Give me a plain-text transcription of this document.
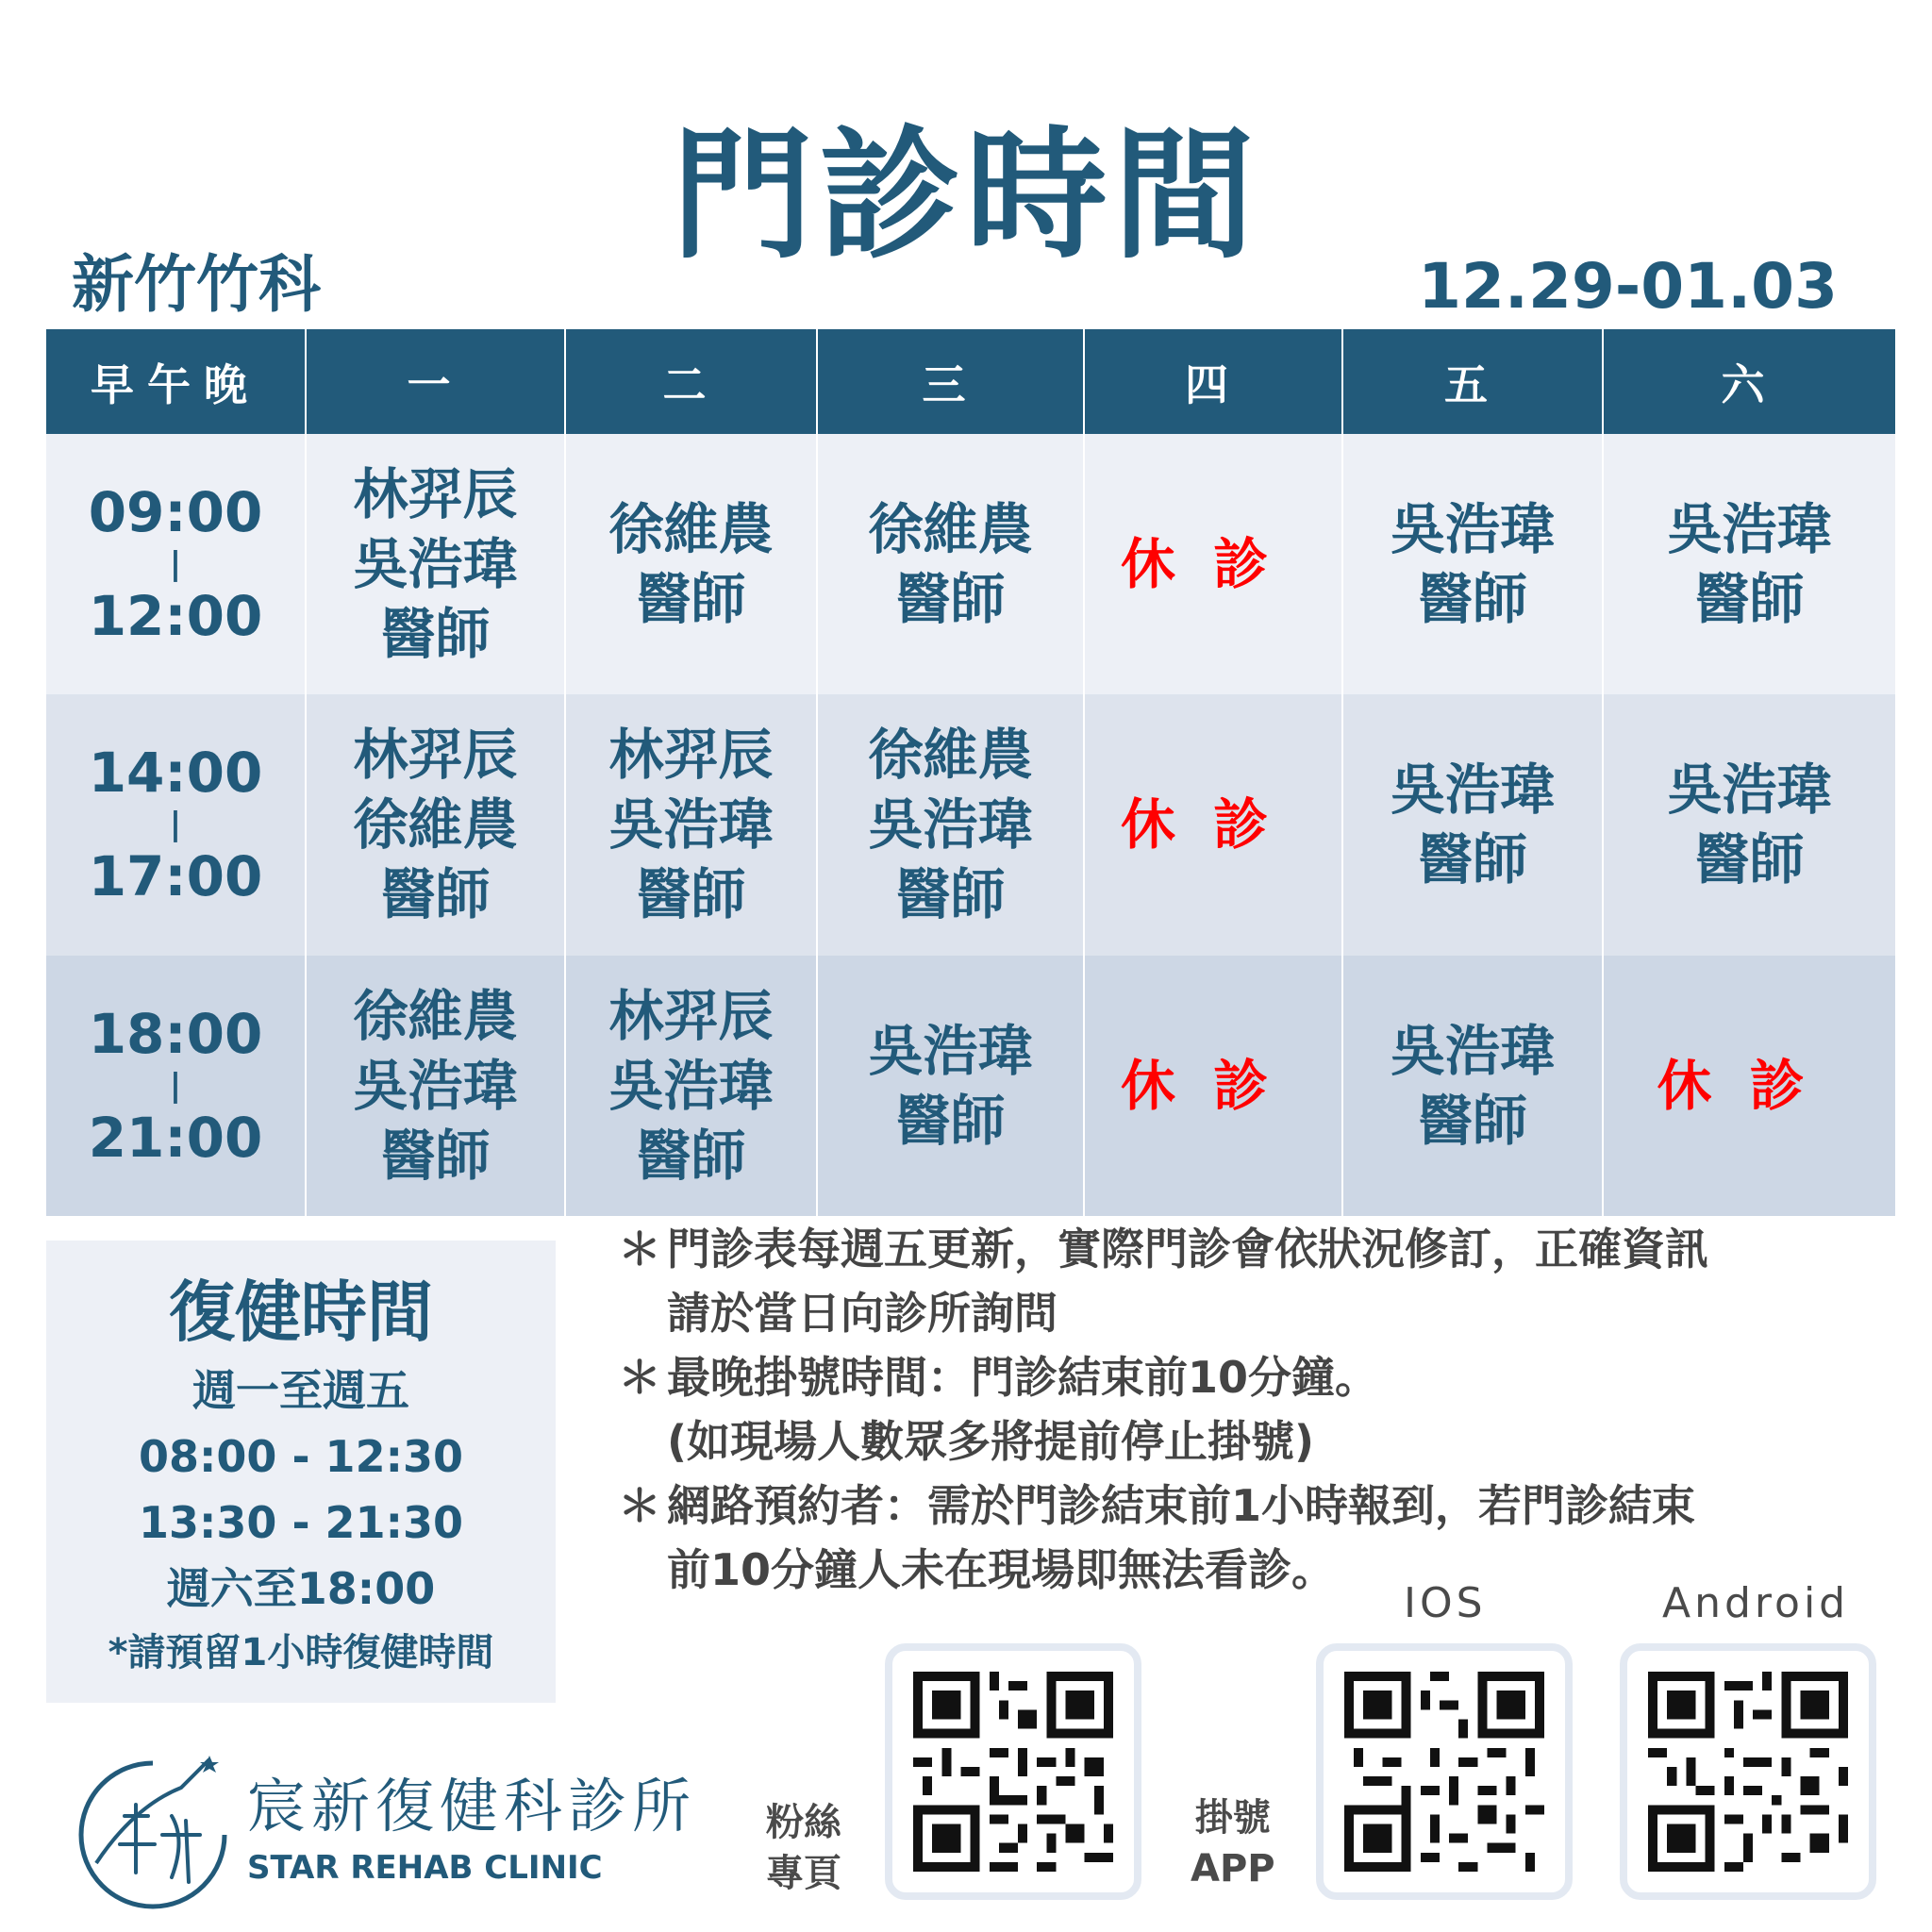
門診時間
新竹竹科	12.29-01.03
早午晚	一	二	三	四	五	六

09:00
|
12:00	林羿辰
吳浩瑋
醫師	徐維農
醫師	徐維農
醫師	休診	吳浩瑋
醫師	吳浩瑋
醫師

14:00
|
17:00	林羿辰
徐維農
醫師	林羿辰
吳浩瑋
醫師	徐維農
吳浩瑋
醫師	休診	吳浩瑋
醫師	吳浩瑋
醫師

18:00
|
21:00	徐維農
吳浩瑋
醫師	林羿辰
吳浩瑋
醫師	吳浩瑋
醫師	休診	吳浩瑋
醫師	休診
復健時間
週一至週五
08:00 - 12:30
13:30 - 21:30
週六至18:00
*請預留1小時復健時間
＊ 門診表每週五更新，實際門診會依狀況修訂，正確資訊
請於當日向診所詢問
＊ 最晚掛號時間：門診結束前10分鐘。
(如現場人數眾多將提前停止掛號)
＊ 網路預約者：需於門診結束前1小時報到，若門診結束
前10分鐘人未在現場即無法看診。
宸新復健科診所
STAR REHAB CLINIC
粉絲
專頁
掛號
APP
IOS	Android
